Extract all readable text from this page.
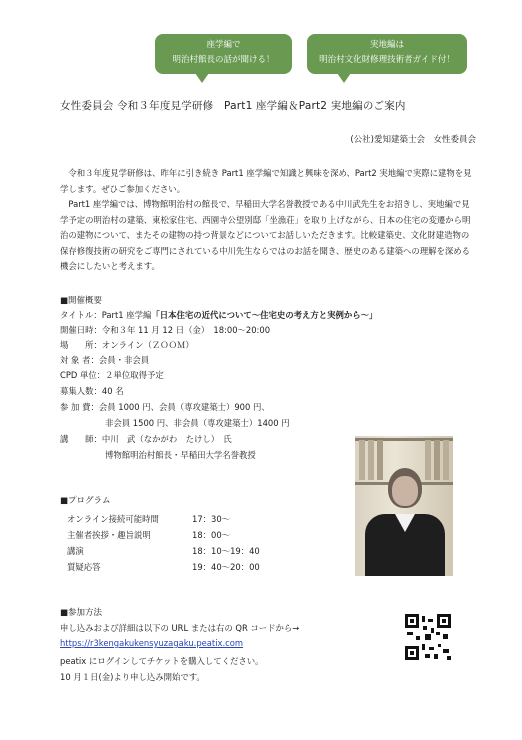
座学編で
明治村館長の話が聞ける！
実地編は
明治村文化財修理技術者ガイド付！
女性委員会 令和３年度見学研修　Part1 座学編＆Part2 実地編のご案内
(公社)愛知建築士会　女性委員会

令和３年度見学研修は、昨年に引き続き Part1 座学編で知識と興味を深め、Part2 実地編で実際に建物を見学します。ぜひご参加ください。

Part1 座学編では、博物館明治村の館長で、早稲田大学名誉教授である中川武先生をお招きし、実地編で見学予定の明治村の建築、東松家住宅、西園寺公望別邸「坐漁荘」を取り上げながら、日本の住宅の変遷から明治の建物について、またその建物の持つ背景などについてお話しいただきます。比較建築史、文化財建造物の保存修復技術の研究をご専門にされている中川先生ならではのお話を聞き、歴史のある建築への理解を深める機会にしたいと考えます。

■開催概要
タイトル：Part1 座学編「日本住宅の近代について～住宅史の考え方と実例から～」
開催日時：令和３年 11 月 12 日（金）　18:00～20:00
場　　所：オンライン（ＺＯＯＭ）
対 象 者：会員・非会員
CPD 単位：２単位取得予定
募集人数：40 名
参 加 費：会員 1000 円、会員（専攻建築士）900 円、
非会員 1500 円、非会員（専攻建築士）1400 円
講　　師：中川　武（なかがわ　たけし）　氏
博物館明治村館長・早稲田大学名誉教授
■プログラム
オンライン接続可能時間	17：30～
主催者挨拶・趣旨説明	18：00～
講演	18：10～19：40
質疑応答	19：40～20：00
■参加方法
申し込みおよび詳細は以下の URL または右の QR コードから→
https://r3kengakukensyuzagaku.peatix.com
peatix にログインしてチケットを購入してください。
10 月１日(金)より申し込み開始です。
